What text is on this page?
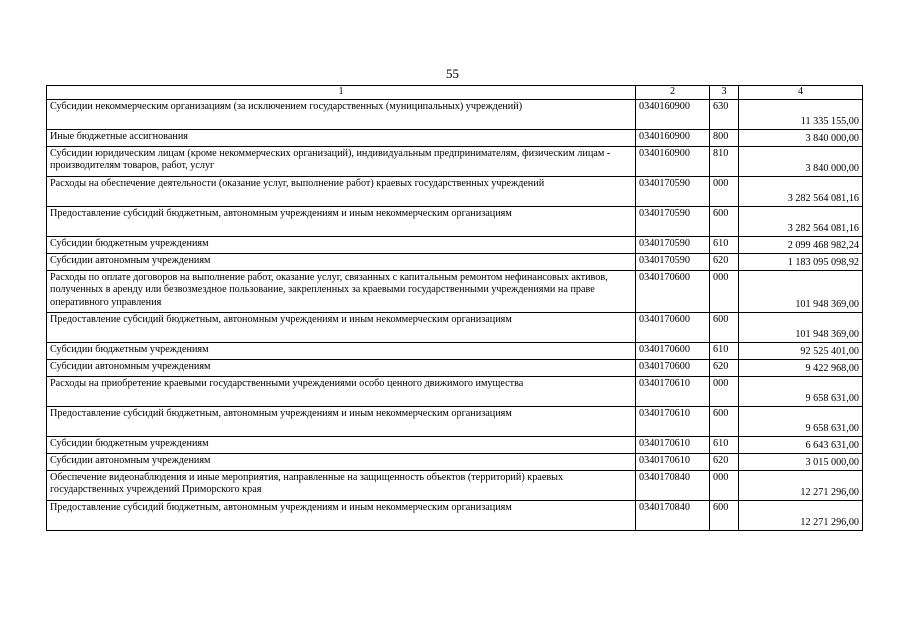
55
1	2	3	4
Субсидии некоммерческим организациям (за исключением государственных (муниципальных) учреждений)	0340160900	630	11 335 155,00
Иные бюджетные ассигнования	0340160900	800	3 840 000,00
Субсидии юридическим лицам (кроме некоммерческих организаций), индивидуальным предпринимателям, физическим лицам - производителям товаров, работ, услуг	0340160900	810	3 840 000,00
Расходы на обеспечение деятельности (оказание услуг, выполнение работ) краевых государственных учреждений	0340170590	000	3 282 564 081,16
Предоставление субсидий бюджетным, автономным учреждениям и иным некоммерческим организациям	0340170590	600	3 282 564 081,16
Субсидии бюджетным учреждениям	0340170590	610	2 099 468 982,24
Субсидии автономным учреждениям	0340170590	620	1 183 095 098,92
Расходы по оплате договоров на выполнение работ, оказание услуг, связанных с капитальным ремонтом нефинансовых активов, полученных в аренду или безвозмездное пользование, закрепленных за краевыми государственными учреждениями на праве оперативного управления	0340170600	000	101 948 369,00
Предоставление субсидий бюджетным, автономным учреждениям и иным некоммерческим организациям	0340170600	600	101 948 369,00
Субсидии бюджетным учреждениям	0340170600	610	92 525 401,00
Субсидии автономным учреждениям	0340170600	620	9 422 968,00
Расходы на приобретение краевыми государственными учреждениями особо ценного движимого имущества	0340170610	000	9 658 631,00
Предоставление субсидий бюджетным, автономным учреждениям и иным некоммерческим организациям	0340170610	600	9 658 631,00
Субсидии бюджетным учреждениям	0340170610	610	6 643 631,00
Субсидии автономным учреждениям	0340170610	620	3 015 000,00
Обеспечение видеонаблюдения и иные мероприятия, направленные на защищенность объектов (территорий) краевых государственных учреждений Приморского края	0340170840	000	12 271 296,00
Предоставление субсидий бюджетным, автономным учреждениям и иным некоммерческим организациям	0340170840	600	12 271 296,00
